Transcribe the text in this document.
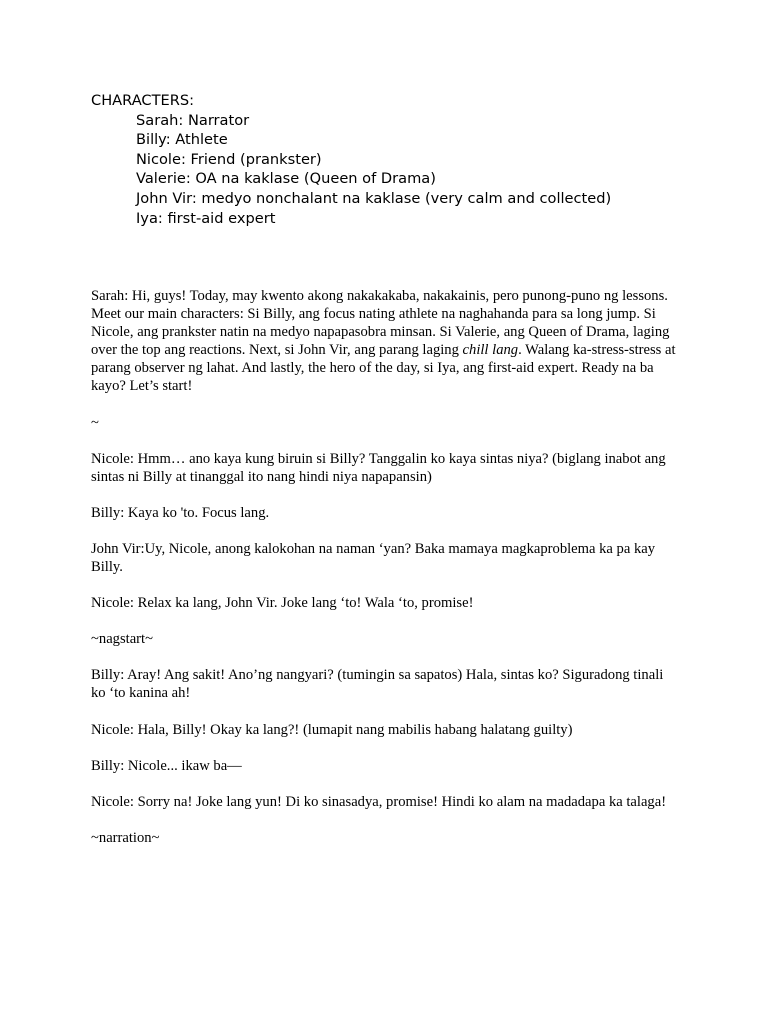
CHARACTERS:

Sarah: Narrator

Billy: Athlete

Nicole: Friend (prankster)

Valerie: OA na kaklase (Queen of Drama)

John Vir: medyo nonchalant na kaklase (very calm and collected)

Iya: first-aid expert

Sarah: Hi, guys! Today, may kwento akong nakakakaba, nakakainis, pero punong-puno ng lessons. Meet our main characters: Si Billy, ang focus nating athlete na naghahanda para sa long jump. Si Nicole, ang prankster natin na medyo napapasobra minsan. Si Valerie, ang Queen of Drama, laging over the top ang reactions. Next, si John Vir, ang parang laging chill lang. Walang ka-stress-stress at parang observer ng lahat. And lastly, the hero of the day, si Iya, ang first-aid expert. Ready na ba kayo? Let’s start!

~

Nicole: Hmm… ano kaya kung biruin si Billy? Tanggalin ko kaya sintas niya? (biglang inabot ang sintas ni Billy at tinanggal ito nang hindi niya napapansin)

Billy: Kaya ko 'to. Focus lang.

John Vir:Uy, Nicole, anong kalokohan na naman ‘yan? Baka mamaya magkaproblema ka pa kay Billy.

Nicole: Relax ka lang, John Vir. Joke lang ‘to! Wala ‘to, promise!

~nagstart~

Billy: Aray! Ang sakit! Ano’ng nangyari? (tumingin sa sapatos) Hala, sintas ko? Siguradong tinali ko ‘to kanina ah!

Nicole: Hala, Billy! Okay ka lang?! (lumapit nang mabilis habang halatang guilty)

Billy: Nicole... ikaw ba—

Nicole: Sorry na! Joke lang yun! Di ko sinasadya, promise! Hindi ko alam na madadapa ka talaga!

~narration~
